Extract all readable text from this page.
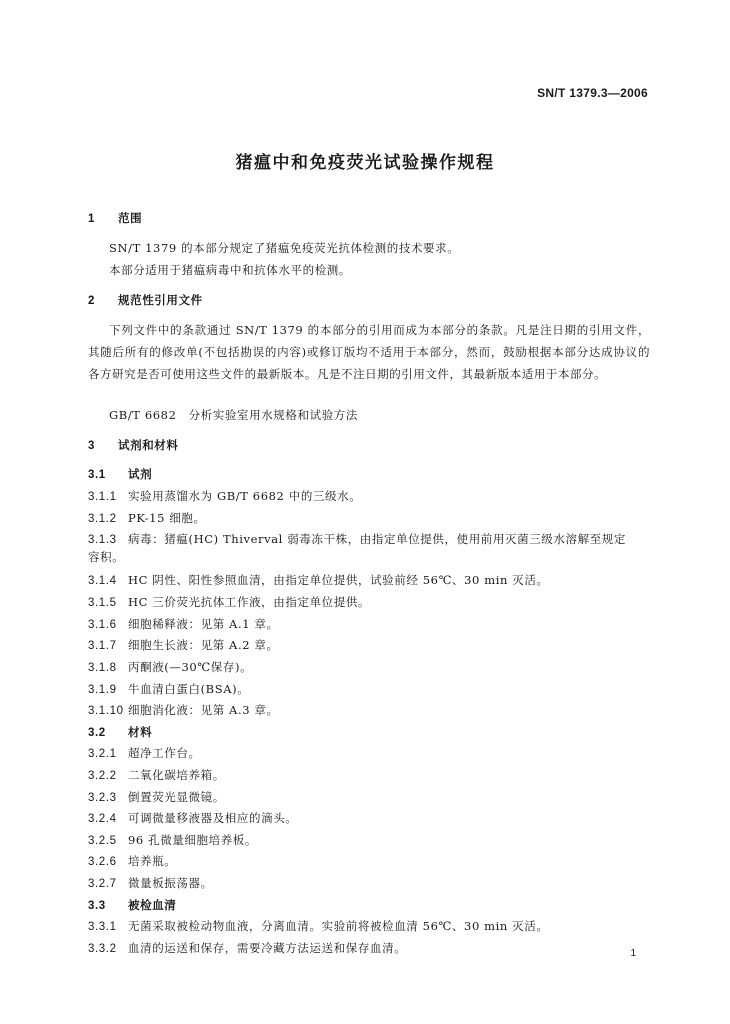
SN/T 1379.3—2006
猪瘟中和免疫荧光试验操作规程
1 范围
SN/T 1379 的本部分规定了猪瘟免疫荧光抗体检测的技术要求。
本部分适用于猪瘟病毒中和抗体水平的检测。
2 规范性引用文件
下列文件中的条款通过 SN/T 1379 的本部分的引用而成为本部分的条款。凡是注日期的引用文件，其随后所有的修改单(不包括勘误的内容)或修订版均不适用于本部分，然而，鼓励根据本部分达成协议的各方研究是否可使用这些文件的最新版本。凡是不注日期的引用文件，其最新版本适用于本部分。
GB/T 6682　分析实验室用水规格和试验方法
3 试剂和材料
3.1 试剂
3.1.1 实验用蒸馏水为 GB/T 6682 中的三级水。
3.1.2 PK-15 细胞。
3.1.3 病毒：猪瘟(HC) Thiverval 弱毒冻干株，由指定单位提供，使用前用灭菌三级水溶解至规定
容积。
3.1.4 HC 阴性、阳性参照血清，由指定单位提供，试验前经 56℃、30 min 灭活。
3.1.5 HC 三价荧光抗体工作液，由指定单位提供。
3.1.6 细胞稀释液：见第 A.1 章。
3.1.7 细胞生长液：见第 A.2 章。
3.1.8 丙酮液(—30℃保存)。
3.1.9 牛血清白蛋白(BSA)。
3.1.10 细胞消化液：见第 A.3 章。
3.2 材料
3.2.1 超净工作台。
3.2.2 二氧化碳培养箱。
3.2.3 倒置荧光显微镜。
3.2.4 可调微量移液器及相应的滴头。
3.2.5 96 孔微量细胞培养板。
3.2.6 培养瓶。
3.2.7 微量板振荡器。
3.3 被检血清
3.3.1 无菌采取被检动物血液，分离血清。实验前将被检血清 56℃、30 min 灭活。
3.3.2 血清的运送和保存，需要冷藏方法运送和保存血清。	1
